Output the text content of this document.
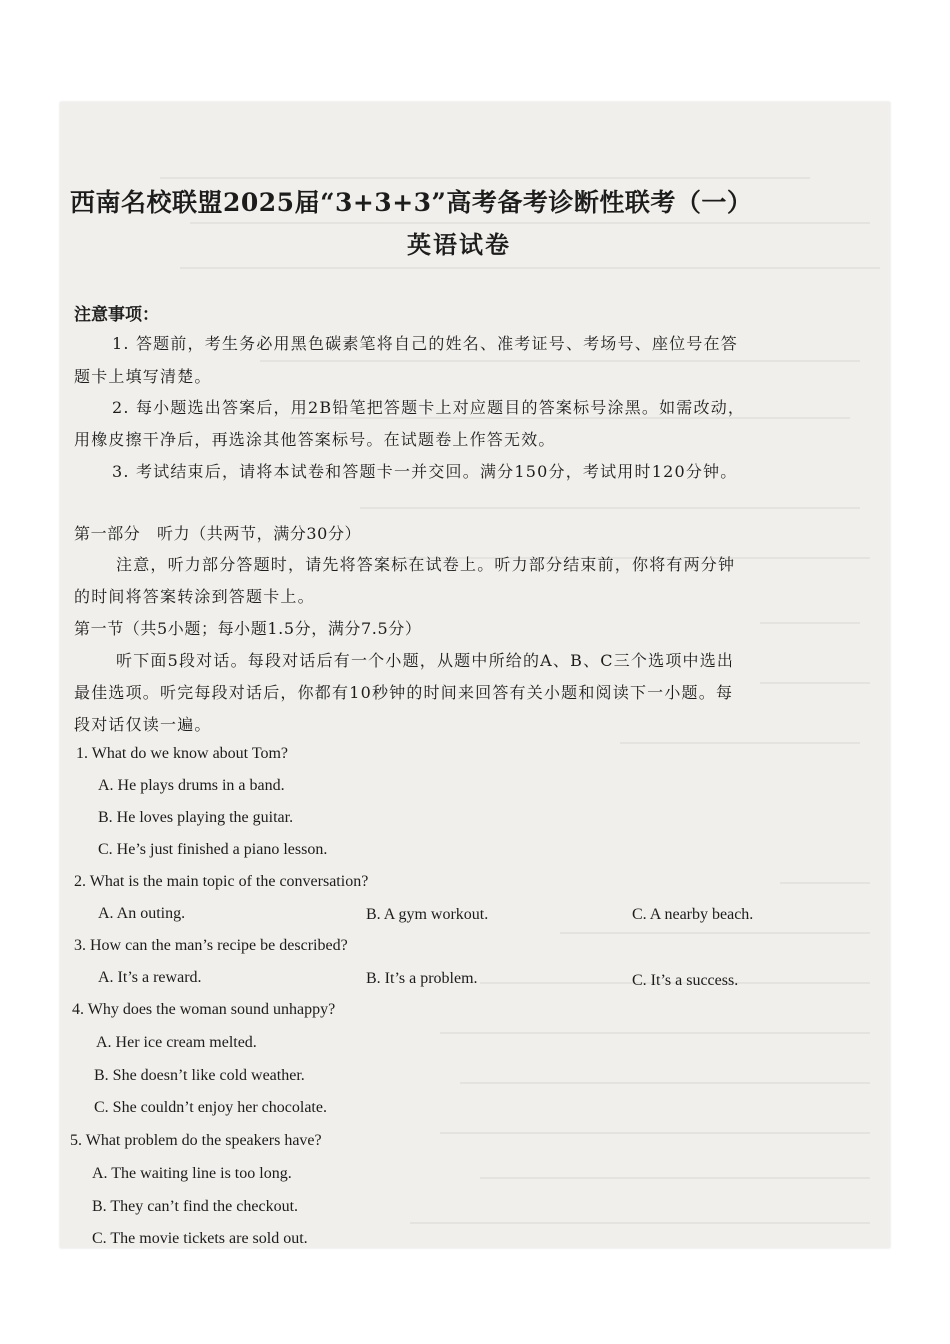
西南名校联盟2025届“3+3+3”高考备考诊断性联考（一）
英语试卷
注意事项：
1. 答题前，考生务必用黑色碳素笔将自己的姓名、准考证号、考场号、座位号在答
题卡上填写清楚。
2. 每小题选出答案后，用2B铅笔把答题卡上对应题目的答案标号涂黑。如需改动，
用橡皮擦干净后，再选涂其他答案标号。在试题卷上作答无效。
3. 考试结束后，请将本试卷和答题卡一并交回。满分150分，考试用时120分钟。
第一部分　听力（共两节，满分30分）
注意，听力部分答题时，请先将答案标在试卷上。听力部分结束前，你将有两分钟
的时间将答案转涂到答题卡上。
第一节（共5小题；每小题1.5分，满分7.5分）
听下面5段对话。每段对话后有一个小题，从题中所给的A、B、C三个选项中选出
最佳选项。听完每段对话后，你都有10秒钟的时间来回答有关小题和阅读下一小题。每
段对话仅读一遍。
1. What do we know about Tom?
A. He plays drums in a band.
B. He loves playing the guitar.
C. He’s just finished a piano lesson.
2. What is the main topic of the conversation?
A. An outing.	B. A gym workout.	C. A nearby beach.
3. How can the man’s recipe be described?
A. It’s a reward.	B. It’s a problem.	C. It’s a success.
4. Why does the woman sound unhappy?
A. Her ice cream melted.
B. She doesn’t like cold weather.
C. She couldn’t enjoy her chocolate.
5. What problem do the speakers have?
A. The waiting line is too long.
B. They can’t find the checkout.
C. The movie tickets are sold out.
